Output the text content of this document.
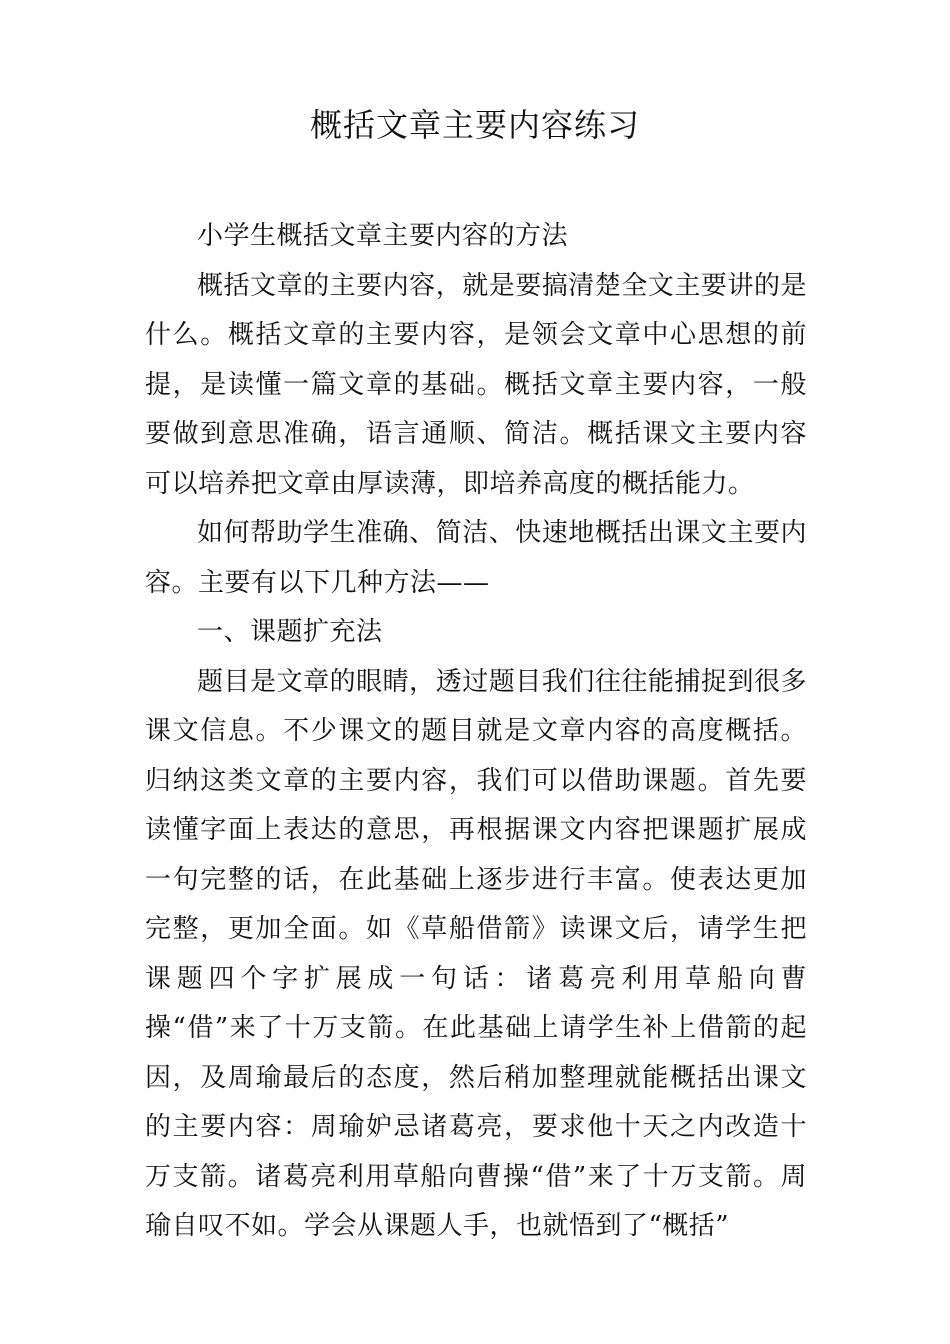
概括文章主要内容练习

小学生概括文章主要内容的方法

概括文章的主要内容，就是要搞清楚全文主要讲的是什么。概括文章的主要内容，是领会文章中心思想的前提，是读懂一篇文章的基础。概括文章主要内容，一般要做到意思准确，语言通顺、简洁。概括课文主要内容可以培养把文章由厚读薄，即培养高度的概括能力。

如何帮助学生准确、简洁、快速地概括出课文主要内容。主要有以下几种方法——

一、课题扩充法

题目是文章的眼睛，透过题目我们往往能捕捉到很多课文信息。不少课文的题目就是文章内容的高度概括。归纳这类文章的主要内容，我们可以借助课题。首先要读懂字面上表达的意思，再根据课文内容把课题扩展成一句完整的话，在此基础上逐步进行丰富。使表达更加完整，更加全面。如《草船借箭》读课文后，请学生把课题四个字扩展成一句话：诸葛亮利用草船向曹操“借”来了十万支箭。在此基础上请学生补上借箭的起因，及周瑜最后的态度，然后稍加整理就能概括出课文的主要内容：周瑜妒忌诸葛亮，要求他十天之内改造十万支箭。诸葛亮利用草船向曹操“借”来了十万支箭。周瑜自叹不如。学会从课题人手，也就悟到了“概括”
